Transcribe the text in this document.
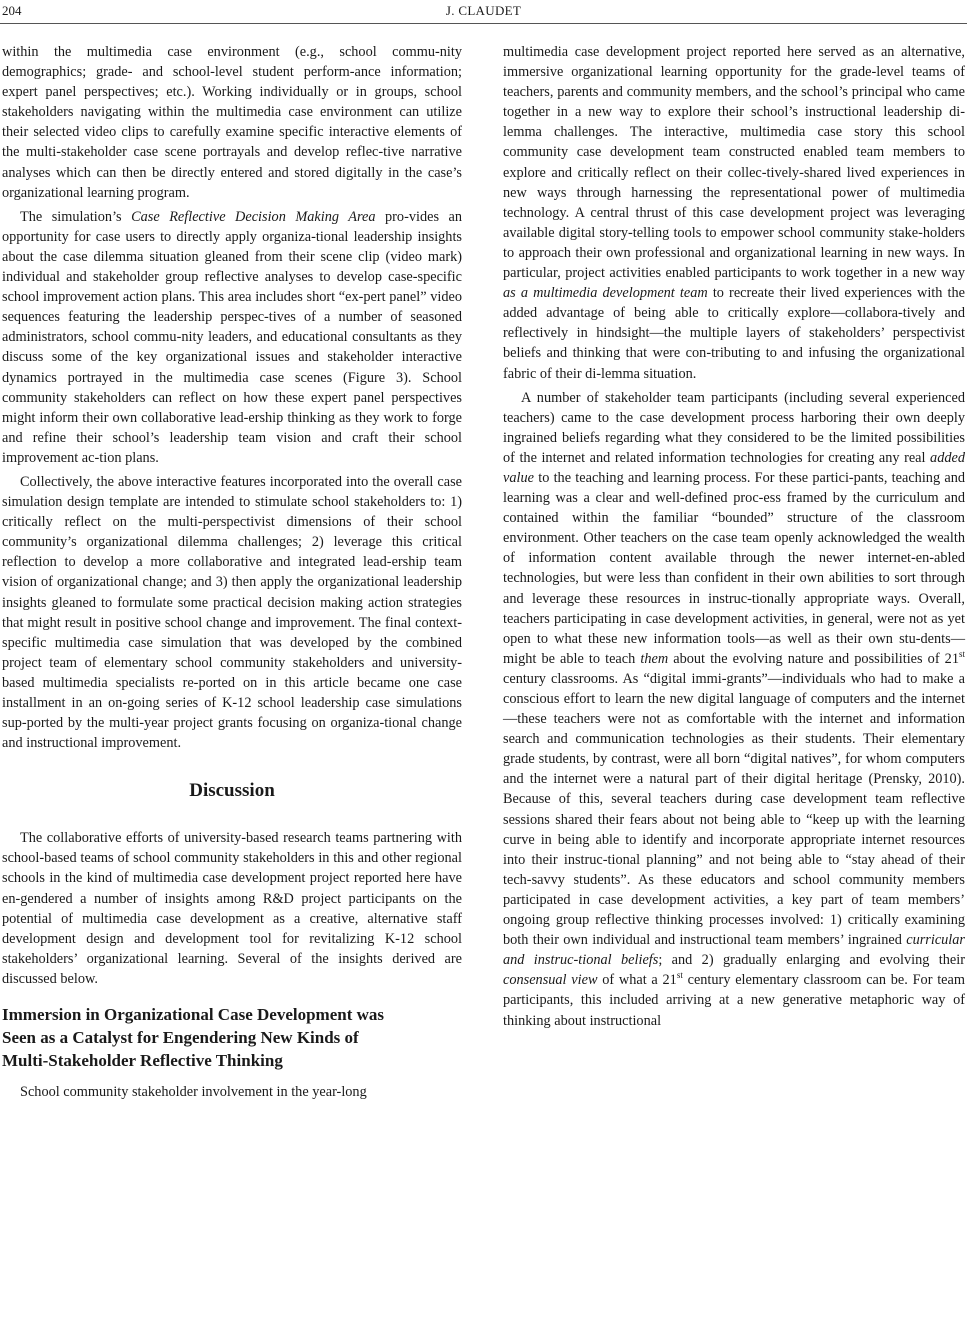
204	J. CLAUDET

within the multimedia case environment (e.g., school commu-nity demographics; grade- and school-level student perform-ance information; expert panel perspectives; etc.). Working individually or in groups, school stakeholders navigating within the multimedia case environment can utilize their selected video clips to carefully examine specific interactive elements of the multi-stakeholder case scene portrayals and develop reflec-tive narrative analyses which can then be directly entered and stored digitally in the case’s organizational learning program.

The simulation’s Case Reflective Decision Making Area pro-vides an opportunity for case users to directly apply organiza-tional leadership insights about the case dilemma situation gleaned from their scene clip (video mark) individual and stakeholder group reflective analyses to develop case-specific school improvement action plans. This area includes short “ex-pert panel” video sequences featuring the leadership perspec-tives of a number of seasoned administrators, school commu-nity leaders, and educational consultants as they discuss some of the key organizational issues and stakeholder interactive dynamics portrayed in the multimedia case scenes (Figure 3). School community stakeholders can reflect on how these expert panel perspectives might inform their own collaborative lead-ership thinking as they work to forge and refine their school’s leadership team vision and craft their school improvement ac-tion plans.

Collectively, the above interactive features incorporated into the overall case simulation design template are intended to stimulate school stakeholders to: 1) critically reflect on the multi-perspectivist dimensions of their school community’s organizational dilemma challenges; 2) leverage this critical reflection to develop a more collaborative and integrated lead-ership team vision of organizational change; and 3) then apply the organizational leadership insights gleaned to formulate some practical decision making action strategies that might result in positive school change and improvement. The final context-specific multimedia case simulation that was developed by the combined project team of elementary school community stakeholders and university-based multimedia specialists re-ported on in this article became one case installment in an on-going series of K-12 school leadership case simulations sup-ported by the multi-year project grants focusing on organiza-tional change and instructional improvement.

Discussion

The collaborative efforts of university-based research teams partnering with school-based teams of school community stakeholders in this and other regional schools in the kind of multimedia case development project reported here have en-gendered a number of insights among R&D project participants on the potential of multimedia case development as a creative, alternative staff development design and development tool for revitalizing K-12 school stakeholders’ organizational learning. Several of the insights derived are discussed below.

Immersion in Organizational Case Development was
Seen as a Catalyst for Engendering New Kinds of
Multi-Stakeholder Reflective Thinking

School community stakeholder involvement in the year-long

multimedia case development project reported here served as an alternative, immersive organizational learning opportunity for the grade-level teams of teachers, parents and community members, and the school’s principal who came together in a new way to explore their school’s instructional leadership di-lemma challenges. The interactive, multimedia case story this school community case development team constructed enabled team members to explore and critically reflect on their collec-tively-shared lived experiences in new ways through harnessing the representational power of multimedia technology. A central thrust of this case development project was leveraging available digital story-telling tools to empower school community stake-holders to approach their own professional and organizational learning in new ways. In particular, project activities enabled participants to work together in a new way as a multimedia development team to recreate their lived experiences with the added advantage of being able to critically explore—collabora-tively and reflectively in hindsight—the multiple layers of stakeholders’ perspectivist beliefs and thinking that were con-tributing to and infusing the organizational fabric of their di-lemma situation.

A number of stakeholder team participants (including several experienced teachers) came to the case development process harboring their own deeply ingrained beliefs regarding what they considered to be the limited possibilities of the internet and related information technologies for creating any real added value to the teaching and learning process. For these partici-pants, teaching and learning was a clear and well-defined proc-ess framed by the curriculum and contained within the familiar “bounded” structure of the classroom environment. Other teachers on the case team openly acknowledged the wealth of information content available through the newer internet-en-abled technologies, but were less than confident in their own abilities to sort through and leverage these resources in instruc-tionally appropriate ways. Overall, teachers participating in case development activities, in general, were not as yet open to what these new information tools—as well as their own stu-dents—might be able to teach them about the evolving nature and possibilities of 21st century classrooms. As “digital immi-grants”—individuals who had to make a conscious effort to learn the new digital language of computers and the internet—these teachers were not as comfortable with the internet and information search and communication technologies as their students. Their elementary grade students, by contrast, were all born “digital natives”, for whom computers and the internet were a natural part of their digital heritage (Prensky, 2010). Because of this, several teachers during case development team reflective sessions shared their fears about not being able to “keep up with the learning curve in being able to identify and incorporate appropriate internet resources into their instruc-tional planning” and not being able to “stay ahead of their tech-savvy students”. As these educators and school community members participated in case development activities, a key part of team members’ ongoing group reflective thinking processes involved: 1) critically examining both their own individual and instructional team members’ ingrained curricular and instruc-tional beliefs; and 2) gradually enlarging and evolving their consensual view of what a 21st century elementary classroom can be. For team participants, this included arriving at a new generative metaphoric way of thinking about instructional
